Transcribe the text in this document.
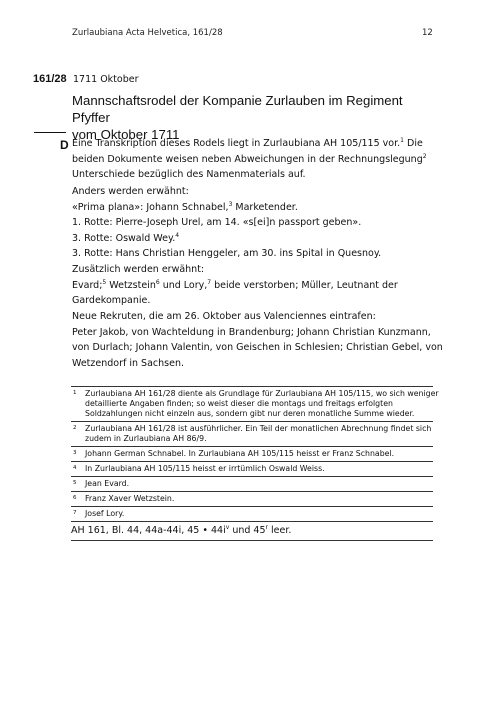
Zurlaubiana Acta Helvetica, 161/28	12
161/28 1711 Oktober
Mannschaftsrodel der Kompanie Zurlauben im Regiment Pfyffer
vom Oktober 1711
D Eine Transkription dieses Rodels liegt in Zurlaubiana AH 105/115 vor.$^1$ Die
beiden Dokumente weisen neben Abweichungen in der Rechnungslegung$^2$
Unterschiede bezüglich des Namenmaterials auf.
Anders werden erwähnt:
«Prima plana»: Johann Schnabel,$^3$ Marketender.
1. Rotte: Pierre-Joseph Urel, am 14. «s[ei]n passport geben».
3. Rotte: Oswald Wey.$^4$
3. Rotte: Hans Christian Henggeler, am 30. ins Spital in Quesnoy.
Zusätzlich werden erwähnt:
Evard;$^5$ Wetzstein$^6$ und Lory,$^7$ beide verstorben; Müller, Leutnant der
Gardekompanie.
Neue Rekruten, die am 26. Oktober aus Valenciennes eintrafen:
Peter Jakob, von Wachteldung in Brandenburg; Johann Christian Kunzmann,
von Durlach; Johann Valentin, von Geischen in Schlesien; Christian Gebel, von
Wetzendorf in Sachsen.
1 Zurlaubiana AH 161/28 diente als Grundlage für Zurlaubiana AH 105/115, wo sich weniger
detaillierte Angaben finden; so weist dieser die montags und freitags erfolgten
Soldzahlungen nicht einzeln aus, sondern gibt nur deren monatliche Summe wieder.
2 Zurlaubiana AH 161/28 ist ausführlicher. Ein Teil der monatlichen Abrechnung findet sich
zudem in Zurlaubiana AH 86/9.
3 Johann German Schnabel. In Zurlaubiana AH 105/115 heisst er Franz Schnabel.
4 In Zurlaubiana AH 105/115 heisst er irrtümlich Oswald Weiss.
5 Jean Evard.
6 Franz Xaver Wetzstein.
7 Josef Lory.
AH 161, Bl. 44, 44a-44i, 45 • $44i^v$ und 45$^r$ leer.
